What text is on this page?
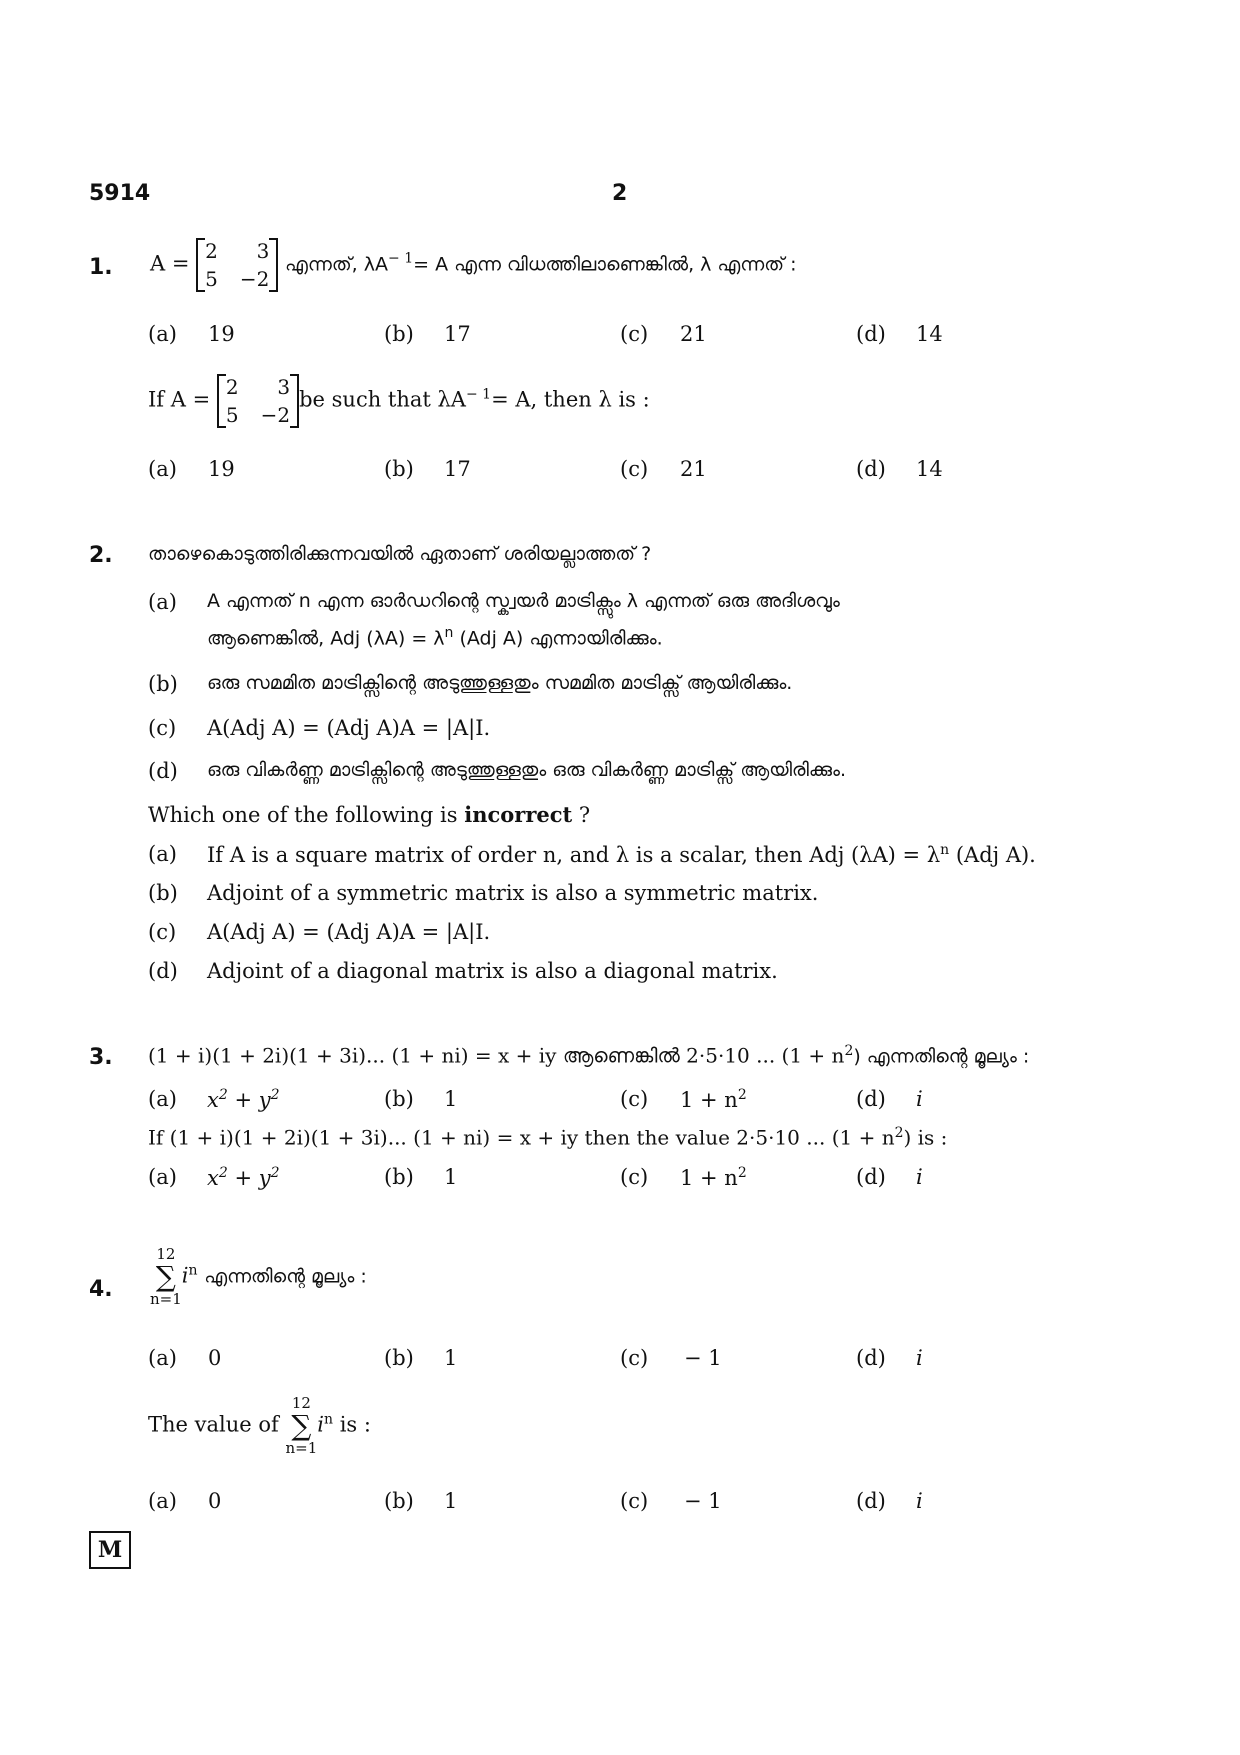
5914	2
1. A =
2	3
5 −2
എന്നത്, $\lambda A^{- 1}= A$ എന്ന വിധത്തിലാണെങ്കിൽ, λ എന്നത് :
(a) 19	(b) 17	(c) 21	(d) 14
If A =
2	3
5 −2
be such that $\lambda A^{- 1}= A$, then λ is :
(a) 19	(b) 17	(c) 21	(d) 14
2. താഴെകൊടുത്തിരിക്കുന്നവയിൽ ഏതാണ് ശരിയല്ലാത്തത് ?
(a) A എന്നത് n എന്ന ഓർഡറിന്റെ സ്ക്വയർ മാട്രിക്സും λ എന്നത് ഒരു അദിശവും
ആണെങ്കിൽ, Adj $(\lambda A) = \lambda^n$ (Adj A) എന്നായിരിക്കും.
(b) ഒരു സമമിത മാട്രിക്സിന്റെ അടുത്തുള്ളതും സമമിത മാട്രിക്സ് ആയിരിക്കും.
(c) A(Adj A) = (Adj A)A = |A|I.
(d) ഒരു വികർണ്ണ മാട്രിക്സിന്റെ അടുത്തുള്ളതും ഒരു വികർണ്ണ മാട്രിക്സ് ആയിരിക്കും.
Which one of the following is incorrect ?
(a) If A is a square matrix of order n, and λ is a scalar, then Adj $(\lambda A) = \lambda^n$ (Adj A).
(b) Adjoint of a symmetric matrix is also a symmetric matrix.
(c) A(Adj A) = (Adj A)A = |A|I.
(d) Adjoint of a diagonal matrix is also a diagonal matrix.
3. (1 + i)(1 + 2i)(1 + 3i)... (1 + ni) = x + iy ആണെങ്കിൽ 2·5·10 ... $(1 + n^2)$ എന്നതിന്റെ മൂല്യം :
(a) $x^2 + y^2$	(b) 1	(c) $1 + n^2$	(d) i
If (1 + i)(1 + 2i)(1 + 3i)... (1 + ni) = x + iy then the value 2·5·10 ... $(1 + n^2)$ is :
(a) $x^2 + y^2$	(b) 1	(c) $1 + n^2$	(d) i
4.
12
∑
n=1
$i^n$ എന്നതിന്റെ മൂല്യം :
(a) 0	(b) 1	(c) − 1	(d) i
The value of
12
∑
n=1
$i^n$ is :
(a) 0	(b) 1	(c) − 1	(d) i
M
